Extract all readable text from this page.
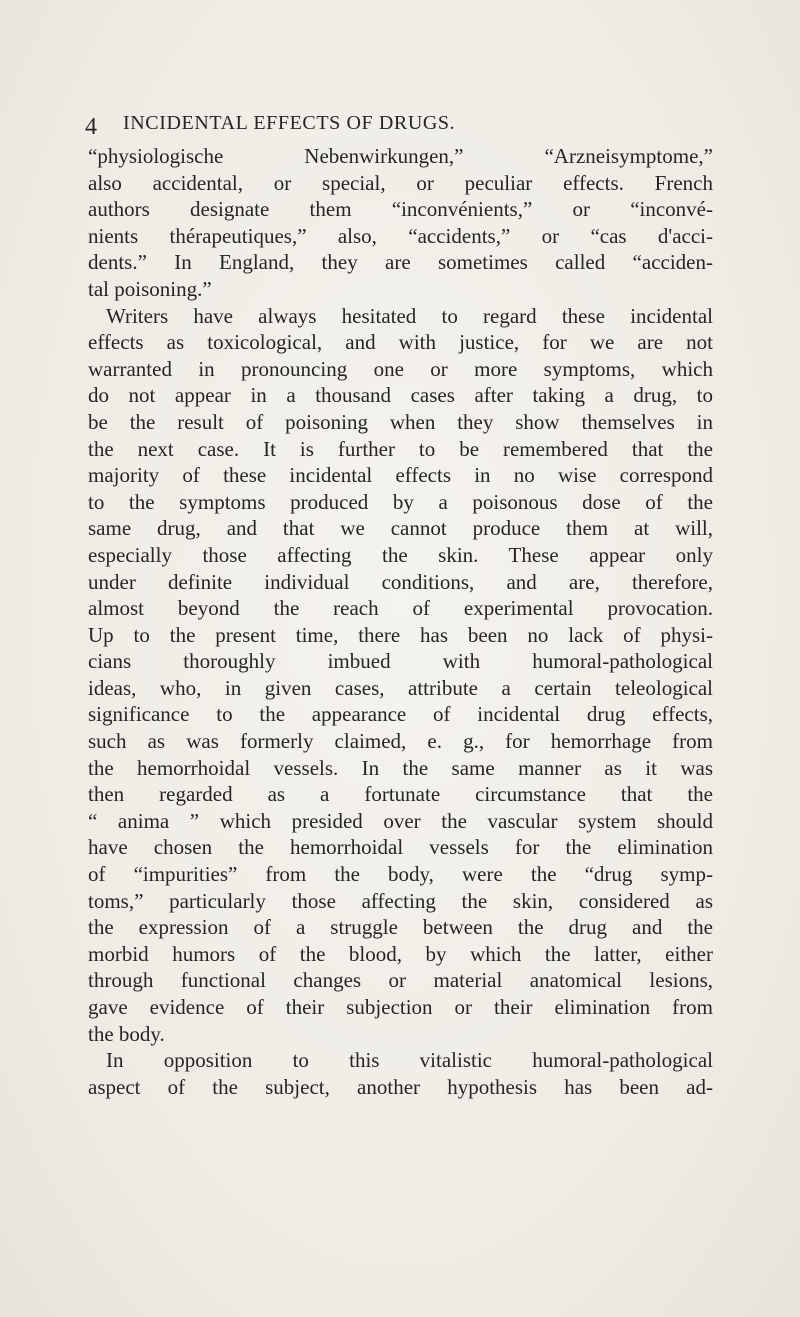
4 INCIDENTAL EFFECTS OF DRUGS.
“physiologische Nebenwirkungen,” “Arzneisymptome,”
also accidental, or special, or peculiar effects. French
authors designate them “inconvénients,” or “inconvé-
nients thérapeutiques,” also, “accidents,” or “cas d'acci-
dents.” In England, they are sometimes called “acciden-
tal poisoning.”
Writers have always hesitated to regard these incidental
effects as toxicological, and with justice, for we are not
warranted in pronouncing one or more symptoms, which
do not appear in a thousand cases after taking a drug, to
be the result of poisoning when they show themselves in
the next case. It is further to be remembered that the
majority of these incidental effects in no wise correspond
to the symptoms produced by a poisonous dose of the
same drug, and that we cannot produce them at will,
especially those affecting the skin. These appear only
under definite individual conditions, and are, therefore,
almost beyond the reach of experimental provocation.
Up to the present time, there has been no lack of physi-
cians thoroughly imbued with humoral-pathological
ideas, who, in given cases, attribute a certain teleological
significance to the appearance of incidental drug effects,
such as was formerly claimed, e. g., for hemorrhage from
the hemorrhoidal vessels. In the same manner as it was
then regarded as a fortunate circumstance that the
“ anima ” which presided over the vascular system should
have chosen the hemorrhoidal vessels for the elimination
of “impurities” from the body, were the “drug symp-
toms,” particularly those affecting the skin, considered as
the expression of a struggle between the drug and the
morbid humors of the blood, by which the latter, either
through functional changes or material anatomical lesions,
gave evidence of their subjection or their elimination from
the body.
In opposition to this vitalistic humoral-pathological
aspect of the subject, another hypothesis has been ad-
